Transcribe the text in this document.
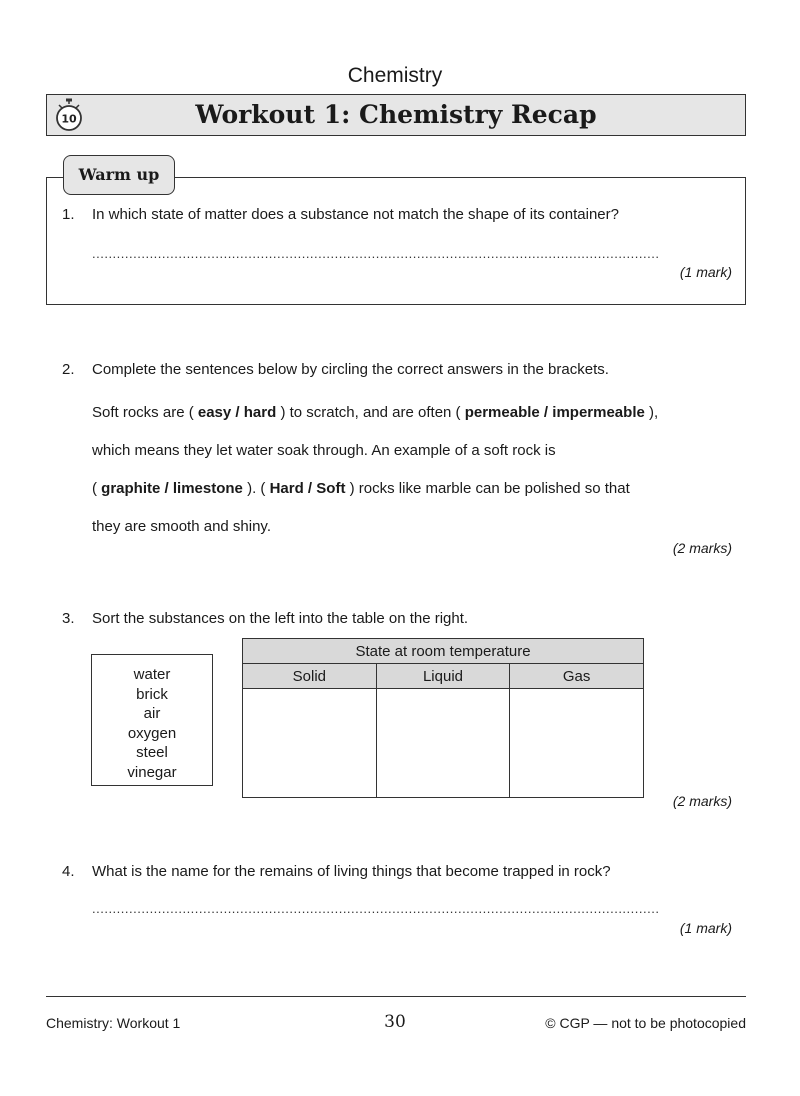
Chemistry
10	Workout 1: Chemistry Recap
Warm up
1. In which state of matter does a substance not match the shape of its container?
..........................................................................................................................................
(1 mark)
2. Complete the sentences below by circling the correct answers in the brackets.
Soft rocks are ( easy / hard ) to scratch, and are often ( permeable / impermeable ),
which means they let water soak through. An example of a soft rock is
( graphite / limestone ). ( Hard / Soft ) rocks like marble can be polished so that
they are smooth and shiny.
(2 marks)
3. Sort the substances on the left into the table on the right.
water
brick
air
oxygen
steel
vinegar
State at room temperature		
Solid	Liquid	Gas

(2 marks)
4. What is the name for the remains of living things that become trapped in rock?
..........................................................................................................................................
(1 mark)
Chemistry: Workout 1	30	© CGP — not to be photocopied
